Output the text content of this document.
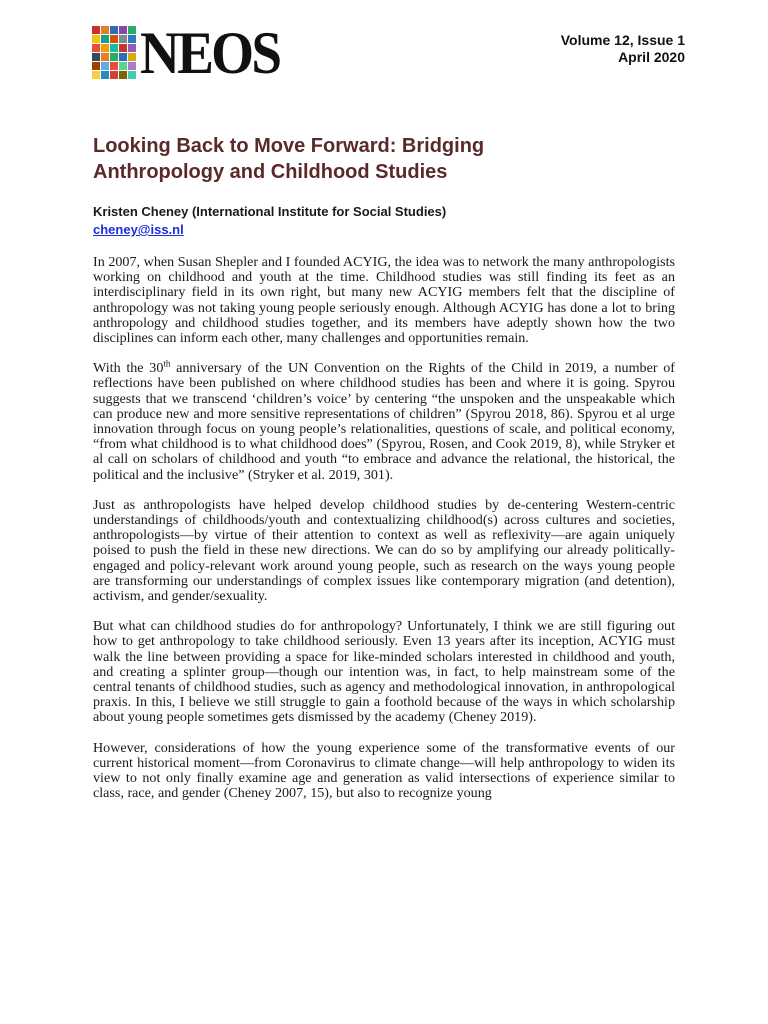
NEOS	Volume 12, Issue 1
April 2020
Looking Back to Move Forward: Bridging Anthropology and Childhood Studies
Kristen Cheney (International Institute for Social Studies)
cheney@iss.nl

In 2007, when Susan Shepler and I founded ACYIG, the idea was to network the many anthropologists working on childhood and youth at the time. Childhood studies was still finding its feet as an interdisciplinary field in its own right, but many new ACYIG members felt that the discipline of anthropology was not taking young people seriously enough. Although ACYIG has done a lot to bring anthropology and childhood studies together, and its members have adeptly shown how the two disciplines can inform each other, many challenges and opportunities remain.

With the 30th anniversary of the UN Convention on the Rights of the Child in 2019, a number of reflections have been published on where childhood studies has been and where it is going. Spyrou suggests that we transcend ‘children’s voice’ by centering “the unspoken and the unspeakable which can produce new and more sensitive representations of children” (Spyrou 2018, 86). Spyrou et al urge innovation through focus on young people’s relationalities, questions of scale, and political economy, “from what childhood is to what childhood does” (Spyrou, Rosen, and Cook 2019, 8), while Stryker et al call on scholars of childhood and youth “to embrace and advance the relational, the historical, the political and the inclusive” (Stryker et al. 2019, 301).

Just as anthropologists have helped develop childhood studies by de-centering Western-centric understandings of childhoods/youth and contextualizing childhood(s) across cultures and societies, anthropologists—by virtue of their attention to context as well as reflexivity—are again uniquely poised to push the field in these new directions. We can do so by amplifying our already politically-engaged and policy-relevant work around young people, such as research on the ways young people are transforming our understandings of complex issues like contemporary migration (and detention), activism, and gender/sexuality.

But what can childhood studies do for anthropology? Unfortunately, I think we are still figuring out how to get anthropology to take childhood seriously. Even 13 years after its inception, ACYIG must walk the line between providing a space for like-minded scholars interested in childhood and youth, and creating a splinter group—though our intention was, in fact, to help mainstream some of the central tenants of childhood studies, such as agency and methodological innovation, in anthropological praxis. In this, I believe we still struggle to gain a foothold because of the ways in which scholarship about young people sometimes gets dismissed by the academy (Cheney 2019).

However, considerations of how the young experience some of the transformative events of our current historical moment—from Coronavirus to climate change—will help anthropology to widen its view to not only finally examine age and generation as valid intersections of experience similar to class, race, and gender (Cheney 2007, 15), but also to recognize young
